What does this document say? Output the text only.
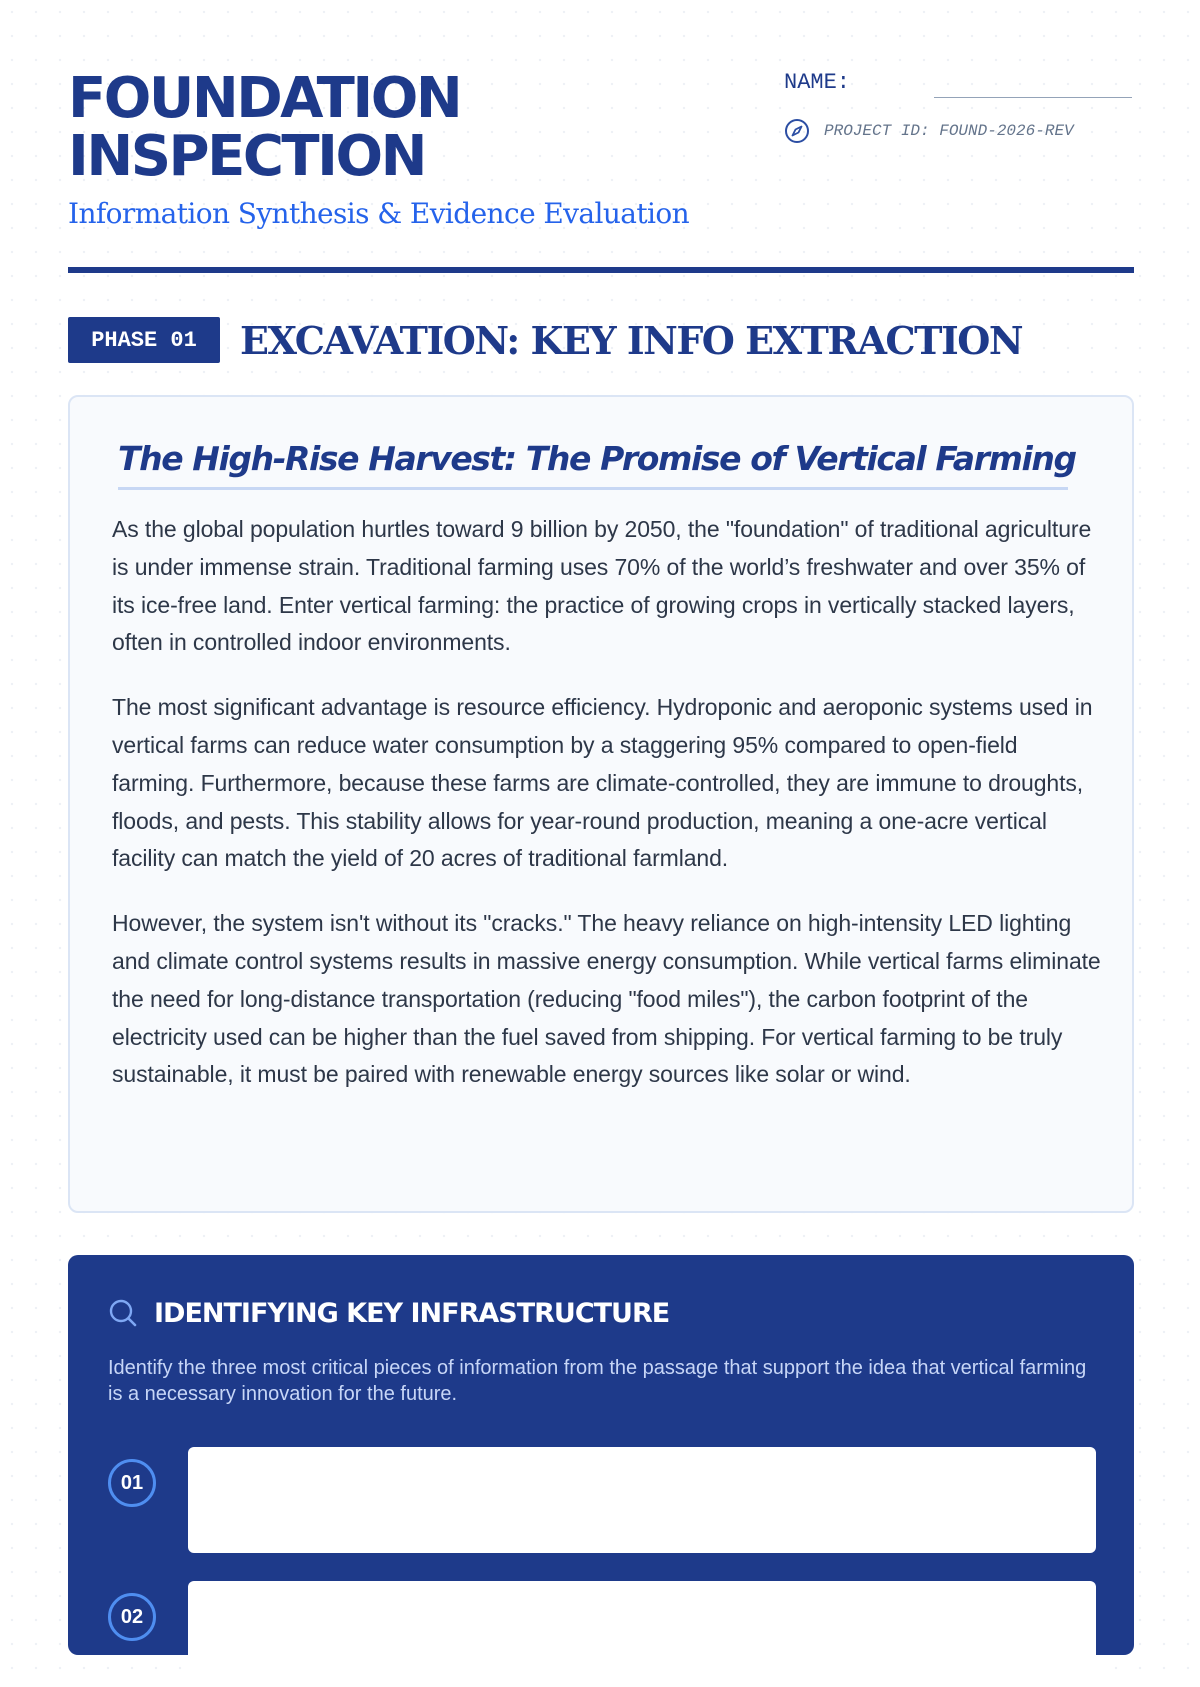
FOUNDATION
INSPECTION
Information Synthesis & Evidence Evaluation
NAME:
PROJECT ID: FOUND-2026-REV
PHASE 01	EXCAVATION: KEY INFO EXTRACTION
The High-Rise Harvest: The Promise of Vertical Farming

As the global population hurtles toward 9 billion by 2050, the "foundation" of traditional agriculture is under immense strain. Traditional farming uses 70% of the world’s freshwater and over 35% of its ice-free land. Enter vertical farming: the practice of growing crops in vertically stacked layers, often in controlled indoor environments.

The most significant advantage is resource efficiency. Hydroponic and aeroponic systems used in vertical farms can reduce water consumption by a staggering 95% compared to open-field farming. Furthermore, because these farms are climate-controlled, they are immune to droughts, floods, and pests. This stability allows for year-round production, meaning a one-acre vertical facility can match the yield of 20 acres of traditional farmland.

However, the system isn't without its "cracks." The heavy reliance on high-intensity LED lighting and climate control systems results in massive energy consumption. While vertical farms eliminate the need for long-distance transportation (reducing "food miles"), the carbon footprint of the electricity used can be higher than the fuel saved from shipping. For vertical farming to be truly sustainable, it must be paired with renewable energy sources like solar or wind.

IDENTIFYING KEY INFRASTRUCTURE

Identify the three most critical pieces of information from the passage that support the idea that vertical farming is a necessary innovation for the future.

01
02
